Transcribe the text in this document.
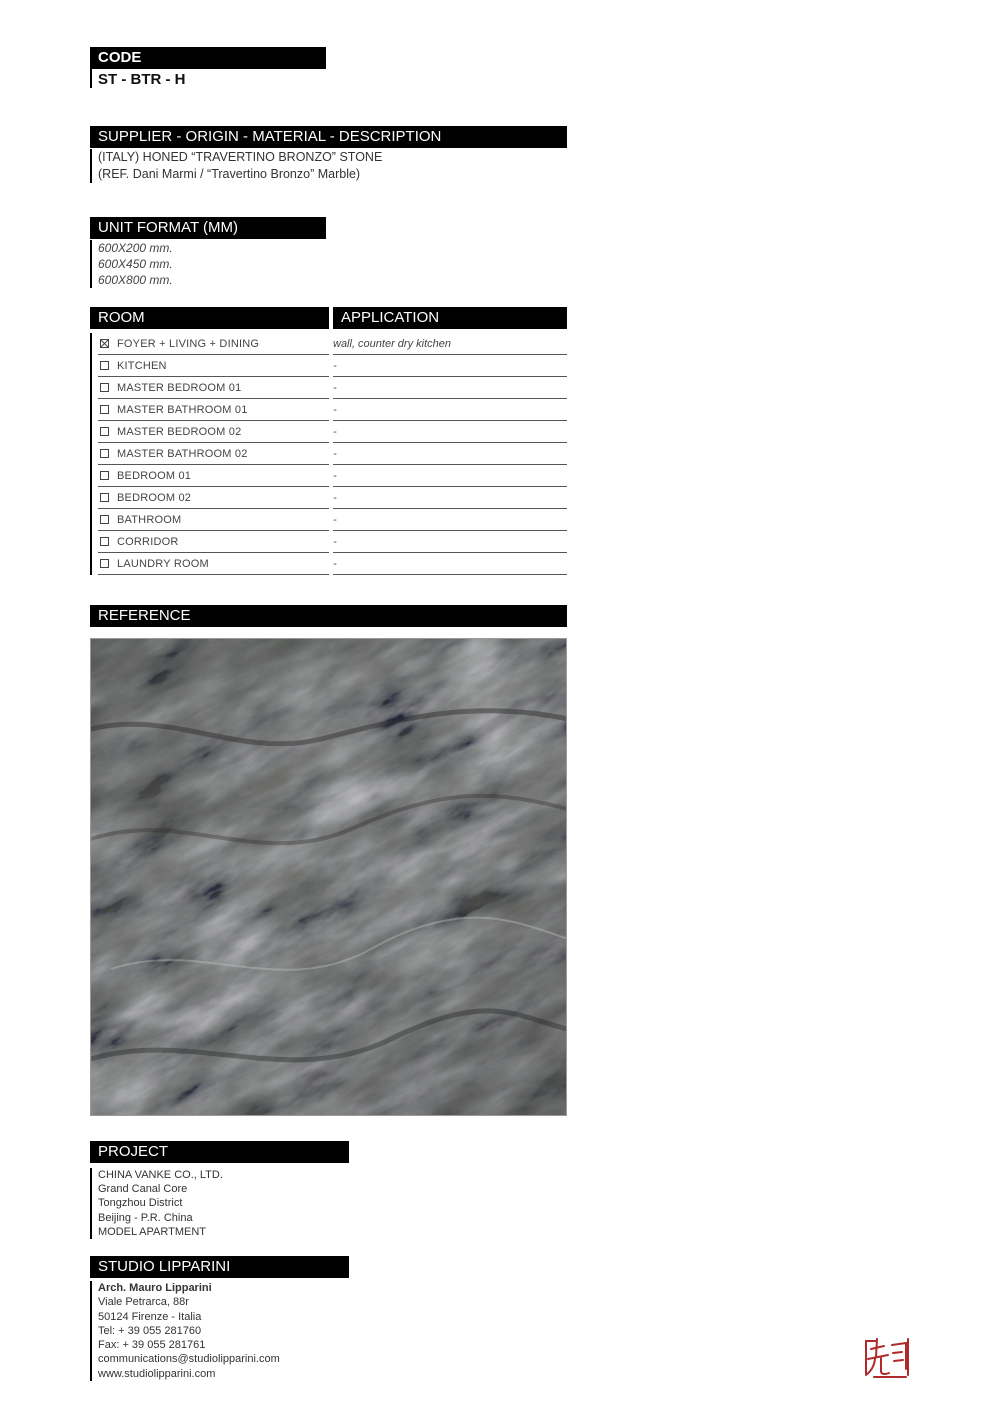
CODE
ST - BTR - H
SUPPLIER - ORIGIN - MATERIAL - DESCRIPTION
(ITALY) HONED “TRAVERTINO BRONZO” STONE
(REF. Dani Marmi / “Travertino Bronzo” Marble)
UNIT FORMAT (MM)
600X200 mm.
600X450 mm.
600X800 mm.
ROOM	APPLICATION
FOYER + LIVING + DINING	wall, counter dry kitchen
KITCHEN	-
MASTER BEDROOM 01	-
MASTER BATHROOM 01	-
MASTER BEDROOM 02	-
MASTER BATHROOM 02	-
BEDROOM 01	-
BEDROOM 02	-
BATHROOM	-
CORRIDOR	-
LAUNDRY ROOM	-
REFERENCE
PROJECT
CHINA VANKE CO., LTD.
Grand Canal Core
Tongzhou District
Beijing - P.R. China
MODEL APARTMENT
STUDIO LIPPARINI
Arch. Mauro Lipparini
Viale Petrarca, 88r
50124 Firenze - Italia
Tel: + 39 055 281760
Fax: + 39 055 281761
communications@studiolipparini.com
www.studiolipparini.com
